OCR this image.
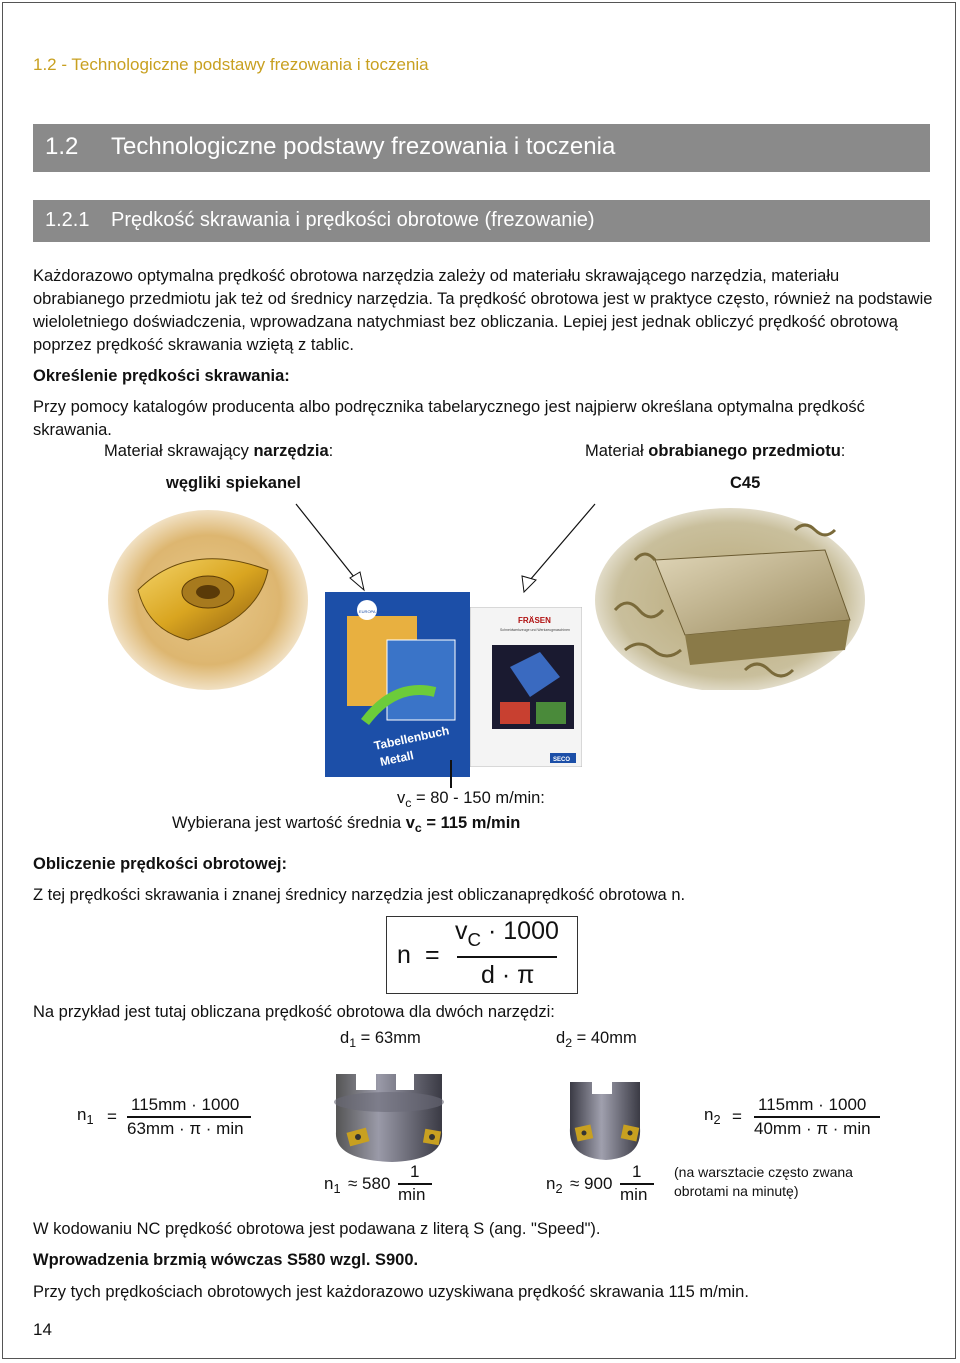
1.2 - Technologiczne podstawy frezowania i toczenia
1.2 Technologiczne podstawy frezowania i toczenia
1.2.1 Prędkość skrawania i prędkości obrotowe (frezowanie)
Każdorazowo optymalna prędkość obrotowa narzędzia zależy od materiału skrawającego narzędzia, materiału obrabianego przedmiotu jak też od średnicy narzędzia. Ta prędkość obrotowa jest w praktyce często, również na podstawie wieloletniego doświadczenia, wprowadzana natychmiast bez obliczania. Lepiej jest jednak obliczyć prędkość obrotową poprzez prędkość skrawania wziętą z tablic.
Określenie prędkości skrawania:
Przy pomocy katalogów producenta albo podręcznika tabelarycznego jest najpierw określana optymalna prędkość skrawania.
Materiał skrawający narzędzia:
węgliki spiekanel
Materiał obrabianego przedmiotu:
C45
EUROPA Lehrmittel
Tabellenbuch
Metall
FRÄSEN
Schneidwerkzeuge und Werkzeugmaschinen
SECO
$v_c = 80 - 150$ m/min:
Wybierana jest wartość średnia $v_c = 115$ m/min
Obliczenie prędkości obrotowej:
Z tej prędkości skrawania i znanej średnicy narzędzia jest obliczanaprędkość obrotowa n.
n =
$v_C \cdot 1000$
d · π
Na przykład jest tutaj obliczana prędkość obrotowa dla dwóch narzędzi:
$d_1 = 63mm$	$d_2 = 40mm$
$n_1$ =
115mm · 1000
63mm · π · min
$n_2$ =
115mm · 1000
40mm · π · min
$n_1 \approx 580$
1
min
$n_2 \approx 900$
1
min
(na warsztacie często zwana obrotami na minutę)
W kodowaniu NC prędkość obrotowa jest podawana z literą S (ang. "Speed").
Wprowadzenia brzmią wówczas S580 wzgl. S900.
Przy tych prędkościach obrotowych jest każdorazowo uzyskiwana prędkość skrawania 115 m/min.
14
